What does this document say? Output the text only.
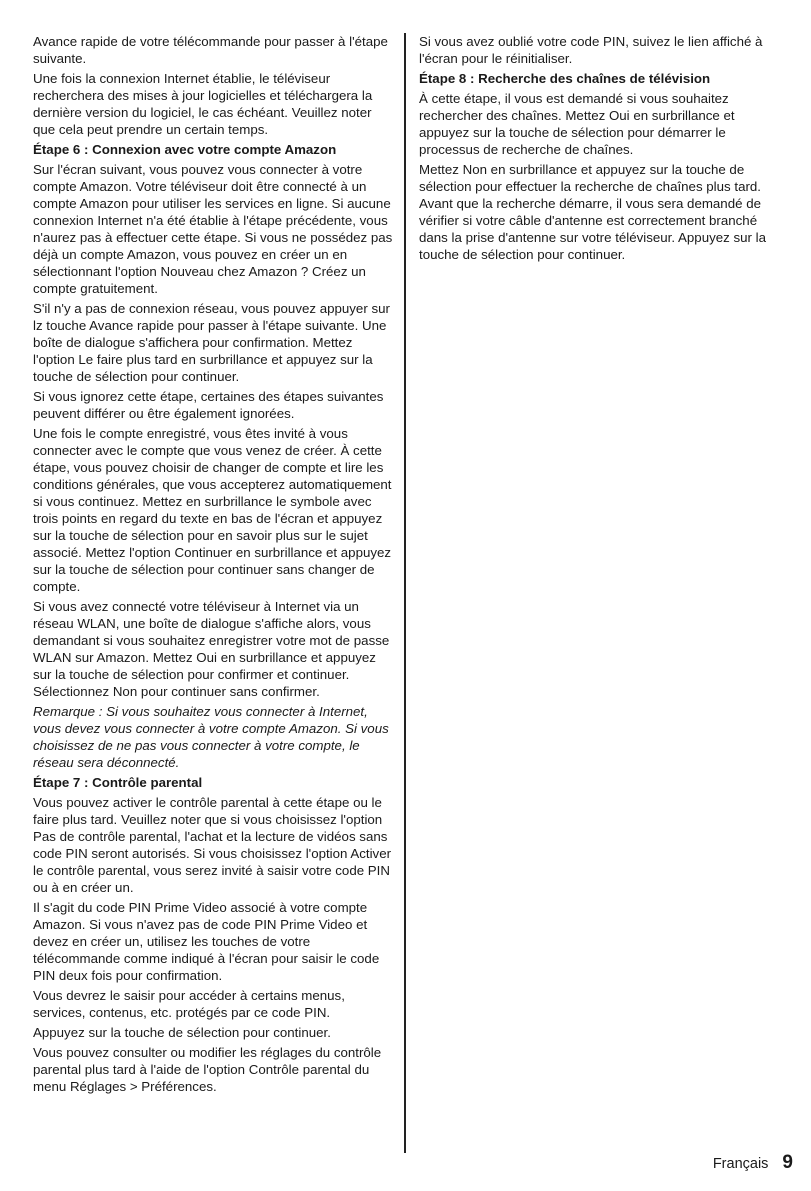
Avance rapide de votre télécommande pour passer à l'étape suivante.

Une fois la connexion Internet établie, le téléviseur recherchera des mises à jour logicielles et téléchargera la dernière version du logiciel, le cas échéant. Veuillez noter que cela peut prendre un certain temps.

Étape 6 : Connexion avec votre compte Amazon

Sur l'écran suivant, vous pouvez vous connecter à votre compte Amazon. Votre téléviseur doit être connecté à un compte Amazon pour utiliser les services en ligne. Si aucune connexion Internet n'a été établie à l'étape précédente, vous n'aurez pas à effectuer cette étape. Si vous ne possédez pas déjà un compte Amazon, vous pouvez en créer un en sélectionnant l'option Nouveau chez Amazon ? Créez un compte gratuitement.

S'il n'y a pas de connexion réseau, vous pouvez appuyer sur lz touche Avance rapide pour passer à l'étape suivante. Une boîte de dialogue s'affichera pour confirmation. Mettez l'option Le faire plus tard en surbrillance et appuyez sur la touche de sélection pour continuer.

Si vous ignorez cette étape, certaines des étapes suivantes peuvent différer ou être également ignorées.

Une fois le compte enregistré, vous êtes invité à vous connecter avec le compte que vous venez de créer. À cette étape, vous pouvez choisir de changer de compte et lire les conditions générales, que vous accepterez automatiquement si vous continuez. Mettez en surbrillance le symbole avec trois points en regard du texte en bas de l'écran et appuyez sur la touche de sélection pour en savoir plus sur le sujet associé. Mettez l'option Continuer en surbrillance et appuyez sur la touche de sélection pour continuer sans changer de compte.

Si vous avez connecté votre téléviseur à Internet via un réseau WLAN, une boîte de dialogue s'affiche alors, vous demandant si vous souhaitez enregistrer votre mot de passe WLAN sur Amazon. Mettez Oui en surbrillance et appuyez sur la touche de sélection pour confirmer et continuer. Sélectionnez Non pour continuer sans confirmer.

Remarque : Si vous souhaitez vous connecter à Internet, vous devez vous connecter à votre compte Amazon. Si vous choisissez de ne pas vous connecter à votre compte, le réseau sera déconnecté.
Étape 7 : Contrôle parental

Vous pouvez activer le contrôle parental à cette étape ou le faire plus tard. Veuillez noter que si vous choisissez l'option Pas de contrôle parental, l'achat et la lecture de vidéos sans code PIN seront autorisés. Si vous choisissez l'option Activer le contrôle parental, vous serez invité à saisir votre code PIN ou à en créer un.

Il s'agit du code PIN Prime Video associé à votre compte Amazon. Si vous n'avez pas de code PIN Prime Video et devez en créer un, utilisez les touches de votre télécommande comme indiqué à l'écran pour saisir le code PIN deux fois pour confirmation.

Vous devrez le saisir pour accéder à certains menus, services, contenus, etc. protégés par ce code PIN.

Appuyez sur la touche de sélection pour continuer.

Vous pouvez consulter ou modifier les réglages du contrôle parental plus tard à l'aide de l'option Contrôle parental du menu Réglages > Préférences.

Si vous avez oublié votre code PIN, suivez le lien affiché à l'écran pour le réinitialiser.

Étape 8 : Recherche des chaînes de télévision

À cette étape, il vous est demandé si vous souhaitez rechercher des chaînes. Mettez Oui en surbrillance et appuyez sur la touche de sélection pour démarrer le processus de recherche de chaînes.

Mettez Non en surbrillance et appuyez sur la touche de sélection pour effectuer la recherche de chaînes plus tard. Avant que la recherche démarre, il vous sera demandé de vérifier si votre câble d'antenne est correctement branché dans la prise d'antenne sur votre téléviseur. Appuyez sur la touche de sélection pour continuer.

Français 9
